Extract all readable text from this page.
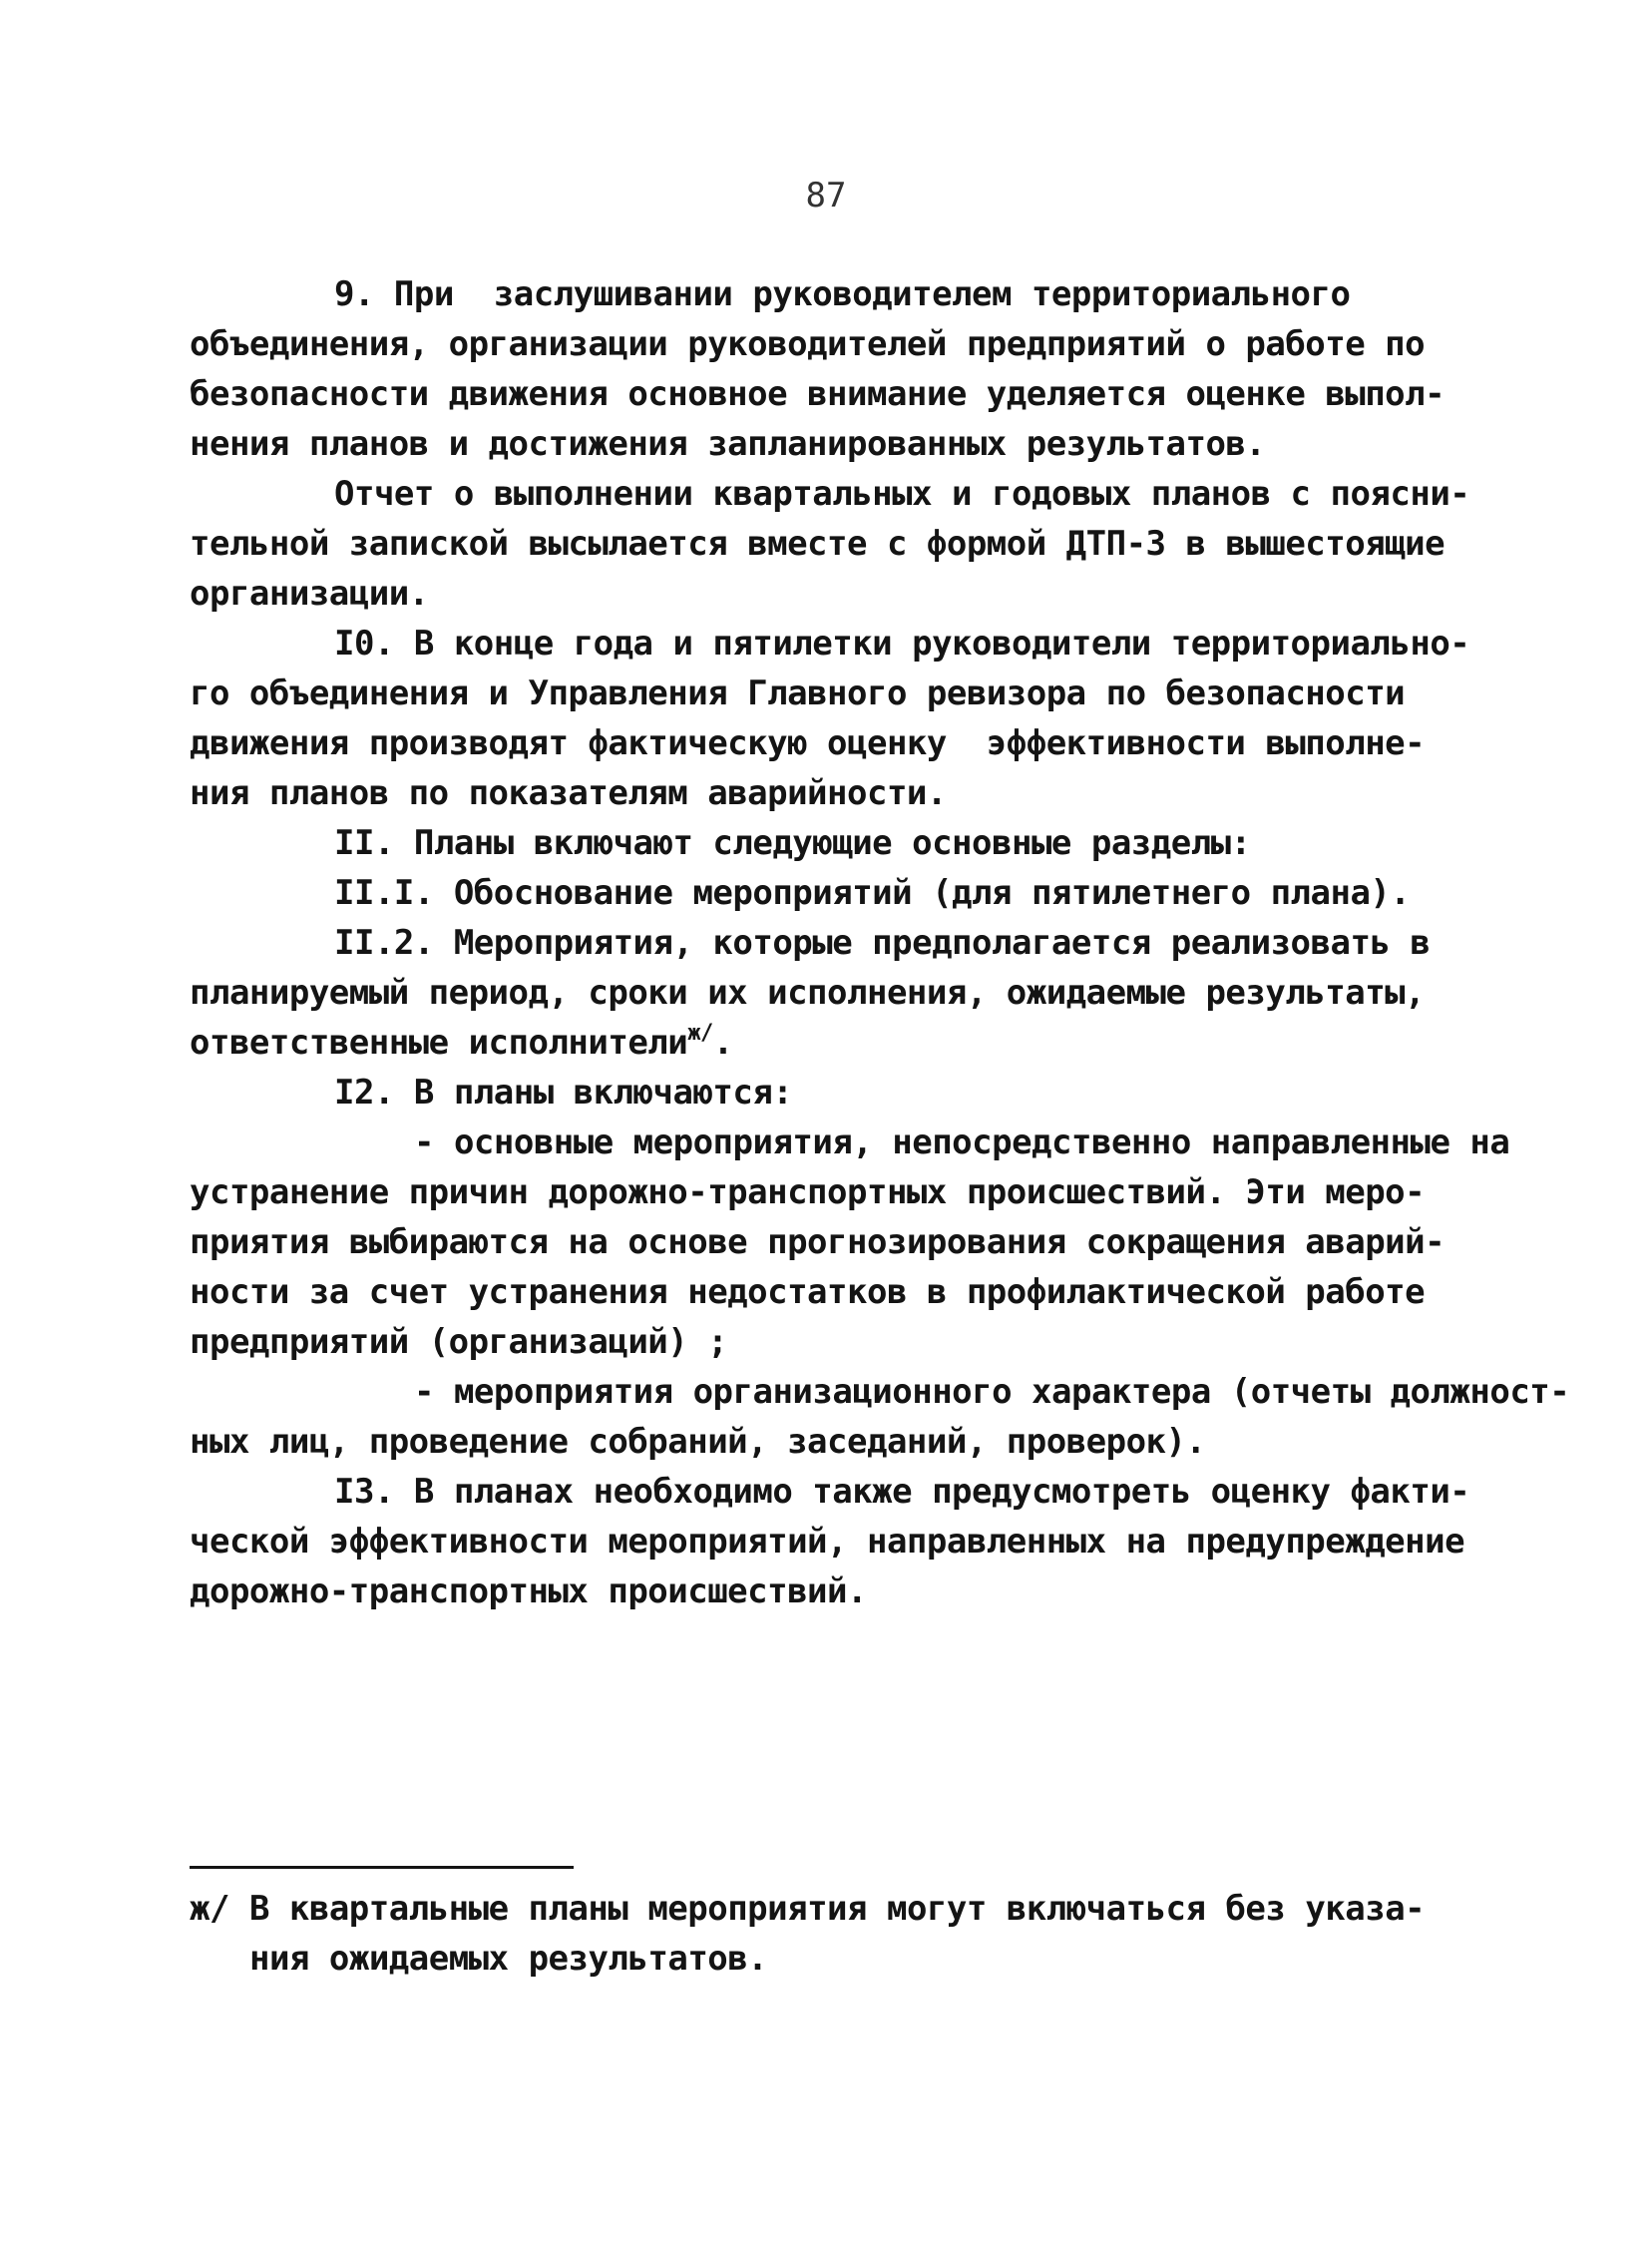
87
9. При  заслушивании руководителем территориального
объединения, организации руководителей предприятий о работе по
безопасности движения основное внимание уделяется оценке выпол-
нения планов и достижения запланированных результатов.
Отчет о выполнении квартальных и годовых планов с поясни-
тельной запиской высылается вместе с формой ДТП-3 в вышестоящие
организации.
I0. В конце года и пятилетки руководители территориально-
го объединения и Управления Главного ревизора по безопасности
движения производят фактическую оценку  эффективности выполне-
ния планов по показателям аварийности.
II. Планы включают следующие основные разделы:
II.I. Обоснование мероприятий (для пятилетнего плана).
II.2. Мероприятия, которые предполагается реализовать в
планируемый период, сроки их исполнения, ожидаемые результаты,
ответственные исполнители$^{ж/}$.
I2. В планы включаются:
- основные мероприятия, непосредственно направленные на
устранение причин дорожно-транспортных происшествий. Эти меро-
приятия выбираются на основе прогнозирования сокращения аварий-
ности за счет устранения недостатков в профилактической работе
предприятий (организаций) ;
- мероприятия организационного характера (отчеты должност-
ных лиц, проведение собраний, заседаний, проверок).
I3. В планах необходимо также предусмотреть оценку факти-
ческой эффективности мероприятий, направленных на предупреждение
дорожно-транспортных происшествий.
ж/ В квартальные планы мероприятия могут включаться без указа-
ния ожидаемых результатов.
